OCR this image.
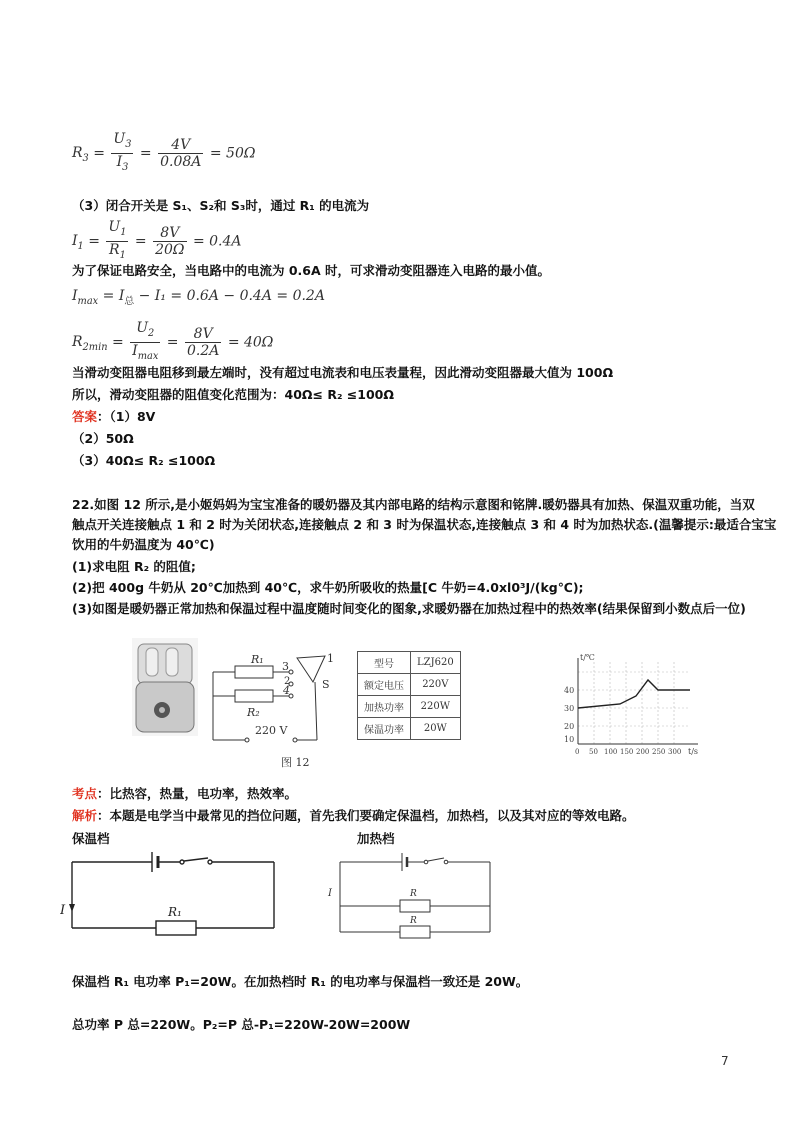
$R_3 = \frac{U_3}{I_3} = \frac{4V}{0.08A} = 50\Omega$
（3）闭合开关是 S₁、S₂和 S₃时，通过 R₁ 的电流为
$I_1 = \frac{U_1}{R_1} = \frac{8V}{20\Omega} = 0.4A$
为了保证电路安全，当电路中的电流为 0.6A 时，可求滑动变阻器连入电路的最小值。
$I_{max} = I_总 - I_1 = 0.6A - 0.4A = 0.2A$
$R_{2min} = \frac{U_2}{I_{max}} = \frac{8V}{0.2A} = 40\Omega$
当滑动变阻器电阻移到最左端时，没有超过电流表和电压表量程，因此滑动变阻器最大值为 100Ω
所以，滑动变阻器的阻值变化范围为：40Ω≤ R₂ ≤100Ω
答案：（1）8V
（2）50Ω
（3）40Ω≤ R₂ ≤100Ω
22.如图 12 所示,是小姬妈妈为宝宝准备的暖奶器及其内部电路的结构示意图和铭牌.暖奶器具有加热、保温双重功能，当双
触点开关连接触点 1 和 2 时为关闭状态,连接触点 2 和 3 时为保温状态,连接触点 3 和 4 时为加热状态.(温馨提示:最适合宝宝
饮用的牛奶温度为 40℃)
(1)求电阻 R₂ 的阻值;
(2)把 400g 牛奶从 20℃加热到 40℃，求牛奶所吸收的热量[C 牛奶=4.0xl0³J/(kg℃);
(3)如图是暖奶器正常加热和保温过程中温度随时间变化的图象,求暖奶器在加热过程中的热效率(结果保留到小数点后一位)
R₁
R₂
3
4
2
1
S
220 V
图 12
型号	LZJ620
额定电压	220V
加热功率	220W
保温功率	20W
t/℃
t/s
40
30
20
10
0 50 100 150 200 250 300
考点：比热容，热量，电功率，热效率。
解析：本题是电学当中最常见的挡位问题，首先我们要确定保温档，加热档，以及其对应的等效电路。
保温档	加热档
I	R₁
I	R
R
保温档 R₁ 电功率 P₁=20W。在加热档时 R₁ 的电功率与保温档一致还是 20W。
总功率 P 总=220W。P₂=P 总-P₁=220W-20W=200W
7
